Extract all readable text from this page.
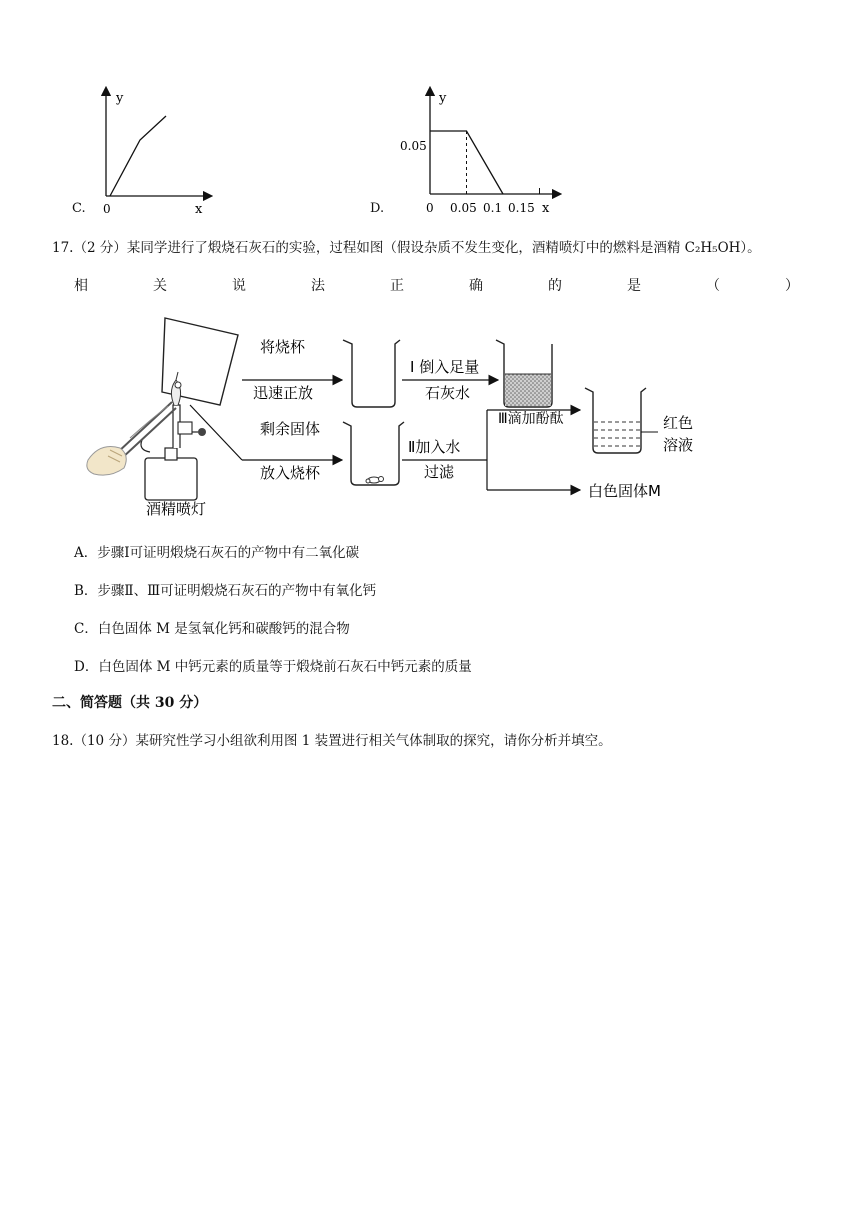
C.
y
0	x	D.
y
0.05
0 0.05 0.1 0.15 x
17.（2 分）某同学进行了煅烧石灰石的实验，过程如图（假设杂质不发生变化，酒精喷灯中的燃料是酒精 C₂H₅OH）。
相	关	说	法	正	确	的	是	（	）
将烧杯
迅速正放
Ⅰ 倒入足量
石灰水
Ⅲ滴加酚酞
剩余固体
放入烧杯
Ⅱ加入水
过滤
红色
溶液
白色固体M
酒精喷灯
A．步骤Ⅰ可证明煅烧石灰石的产物中有二氧化碳
B．步骤Ⅱ、Ⅲ可证明煅烧石灰石的产物中有氧化钙
C．白色固体 M 是氢氧化钙和碳酸钙的混合物
D．白色固体 M 中钙元素的质量等于煅烧前石灰石中钙元素的质量
二、简答题（共 30 分）
18.（10 分）某研究性学习小组欲利用图 1 装置进行相关气体制取的探究，请你分析并填空。
